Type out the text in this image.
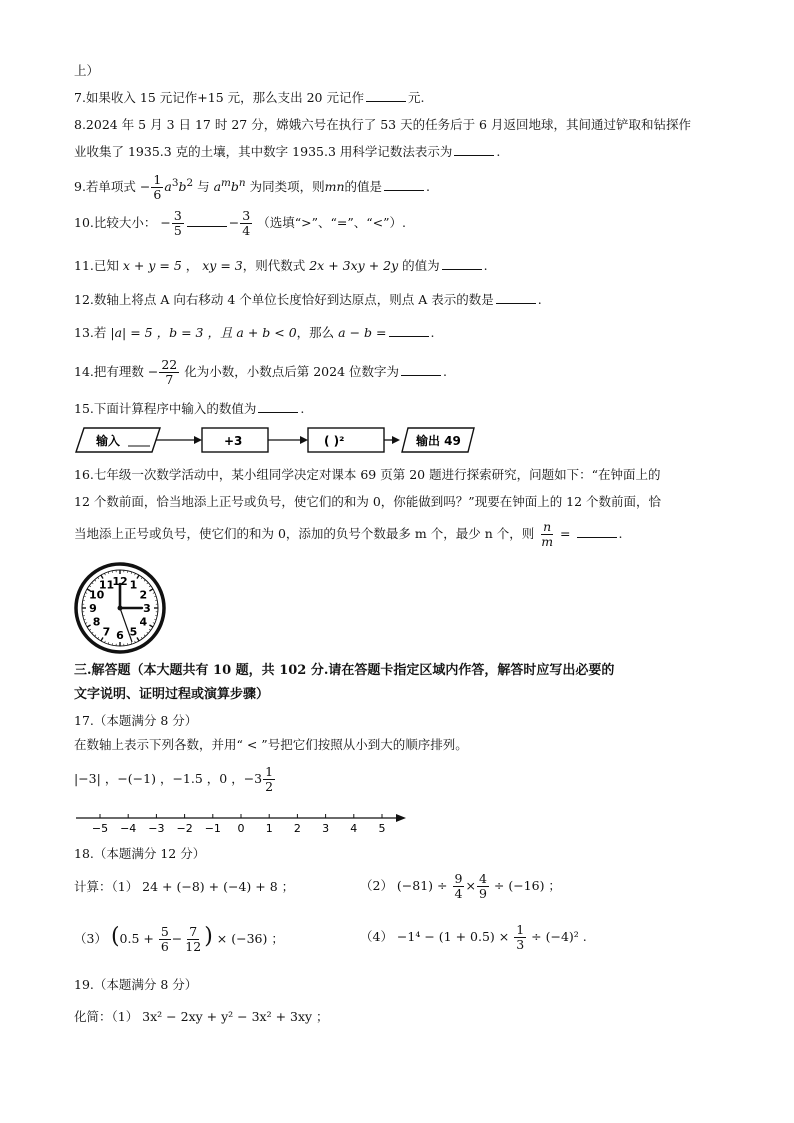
上）
7.如果收入 15 元记作+15 元，那么支出 20 元记作	元.
8.2024 年 5 月 3 日 17 时 27 分，嫦娥六号在执行了 53 天的任务后于 6 月返回地球，其间通过铲取和钻探作
业收集了 1935.3 克的土壤，其中数字 1935.3 用科学记数法表示为	.
9.若单项式 − $\frac{1}{6} a^3b^2$ 与 $a^mb^n$ 为同类项，则mn的值是	.
10.比较大小： − $\frac{3}{5}$	− $\frac{3}{4}$ （选填“>”、“=”、“<”）.
11.已知 x + y = 5 ， xy = 3，则代数式 2x + 3xy + 2y 的值为	.
12.数轴上将点 A 向右移动 4 个单位长度恰好到达原点，则点 A 表示的数是	.
13.若 |a| = 5 ，b = 3 ，且 a + b < 0，那么 a − b =	.
14.把有理数 − $\frac{22}{7}$ 化为小数，小数点后第 2024 位数字为	.
15.下面计算程序中输入的数值为	.
输入	+3	( )²	输出 49
16.七年级一次数学活动中，某小组同学决定对课本 69 页第 20 题进行探索研究，问题如下：“在钟面上的
12 个数前面，恰当地添上正号或负号，使它们的和为 0，你能做到吗？”现要在钟面上的 12 个数前面，恰
当地添上正号或负号，使它们的和为 0，添加的负号个数最多 m 个，最少 n 个，则 $\frac{n}{m}$ =	.
12 1
2
3
4
5
6
7
8
9
10
11
三.解答题（本大题共有 10 题，共 102 分.请在答题卡指定区域内作答，解答时应写出必要的
文字说明、证明过程或演算步骤）
17.（本题满分 8 分）
在数轴上表示下列各数，并用“ < ”号把它们按照从小到大的顺序排列。
|−3| ，−(−1) ，−1.5 ，0 ，$-3 \frac{1}{2}$
−5 −4 −3 −2 −1 0 1 2 3 4 5
18.（本题满分 12 分）
计算：（1） 24 + (−8) + (−4) + 8 ；	（2） $(-81) \div \frac{9}{4} \times \frac{4}{9} \div (-16)$ ；
（3） ($0.5 + \frac{5}{6} - \frac{7}{12}$ ) × (−36) ；	$(4) -1^4 - (1 + 0.5) \times \frac{1}{3} \div (-4)^2$ .
19.（本题满分 8 分）
化简：（1） 3x² − 2xy + y² − 3x² + 3xy ；
